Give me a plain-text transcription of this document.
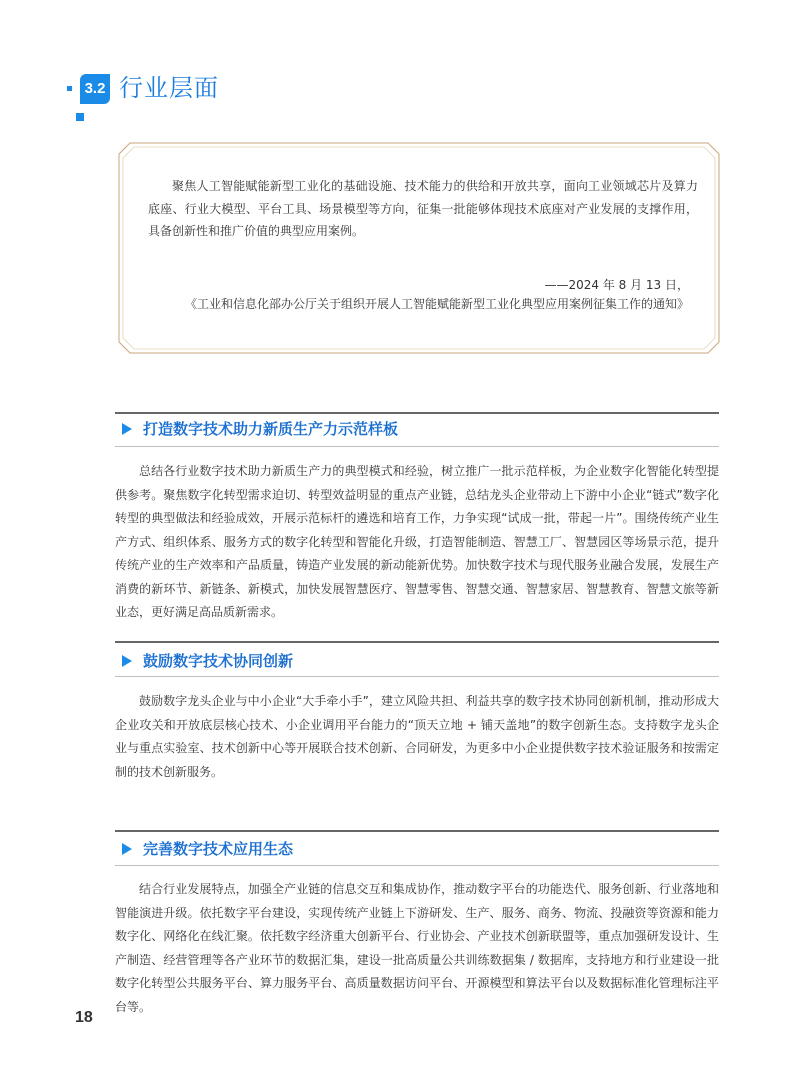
3.2 行业层面

聚焦人工智能赋能新型工业化的基础设施、技术能力的供给和开放共享，面向工业领域芯片及算力底座、行业大模型、平台工具、场景模型等方向，征集一批能够体现技术底座对产业发展的支撑作用，具备创新性和推广价值的典型应用案例。

——2024 年 8 月 13 日，
《工业和信息化部办公厅关于组织开展人工智能赋能新型工业化典型应用案例征集工作的通知》
打造数字技术助力新质生产力示范样板

总结各行业数字技术助力新质生产力的典型模式和经验，树立推广一批示范样板，为企业数字化智能化转型提供参考。聚焦数字化转型需求迫切、转型效益明显的重点产业链，总结龙头企业带动上下游中小企业“链式”数字化转型的典型做法和经验成效，开展示范标杆的遴选和培育工作，力争实现“试成一批，带起一片”。围绕传统产业生产方式、组织体系、服务方式的数字化转型和智能化升级，打造智能制造、智慧工厂、智慧园区等场景示范，提升传统产业的生产效率和产品质量，铸造产业发展的新动能新优势。加快数字技术与现代服务业融合发展，发展生产消费的新环节、新链条、新模式，加快发展智慧医疗、智慧零售、智慧交通、智慧家居、智慧教育、智慧文旅等新业态，更好满足高品质新需求。

鼓励数字技术协同创新

鼓励数字龙头企业与中小企业“大手牵小手”，建立风险共担、利益共享的数字技术协同创新机制，推动形成大企业攻关和开放底层核心技术、小企业调用平台能力的“顶天立地 + 铺天盖地”的数字创新生态。支持数字龙头企业与重点实验室、技术创新中心等开展联合技术创新、合同研发，为更多中小企业提供数字技术验证服务和按需定制的技术创新服务。

完善数字技术应用生态

结合行业发展特点，加强全产业链的信息交互和集成协作，推动数字平台的功能迭代、服务创新、行业落地和智能演进升级。依托数字平台建设，实现传统产业链上下游研发、生产、服务、商务、物流、投融资等资源和能力数字化、网络化在线汇聚。依托数字经济重大创新平台、行业协会、产业技术创新联盟等，重点加强研发设计、生产制造、经营管理等各产业环节的数据汇集，建设一批高质量公共训练数据集 / 数据库，支持地方和行业建设一批数字化转型公共服务平台、算力服务平台、高质量数据访问平台、开源模型和算法平台以及数据标准化管理标注平台等。

18
